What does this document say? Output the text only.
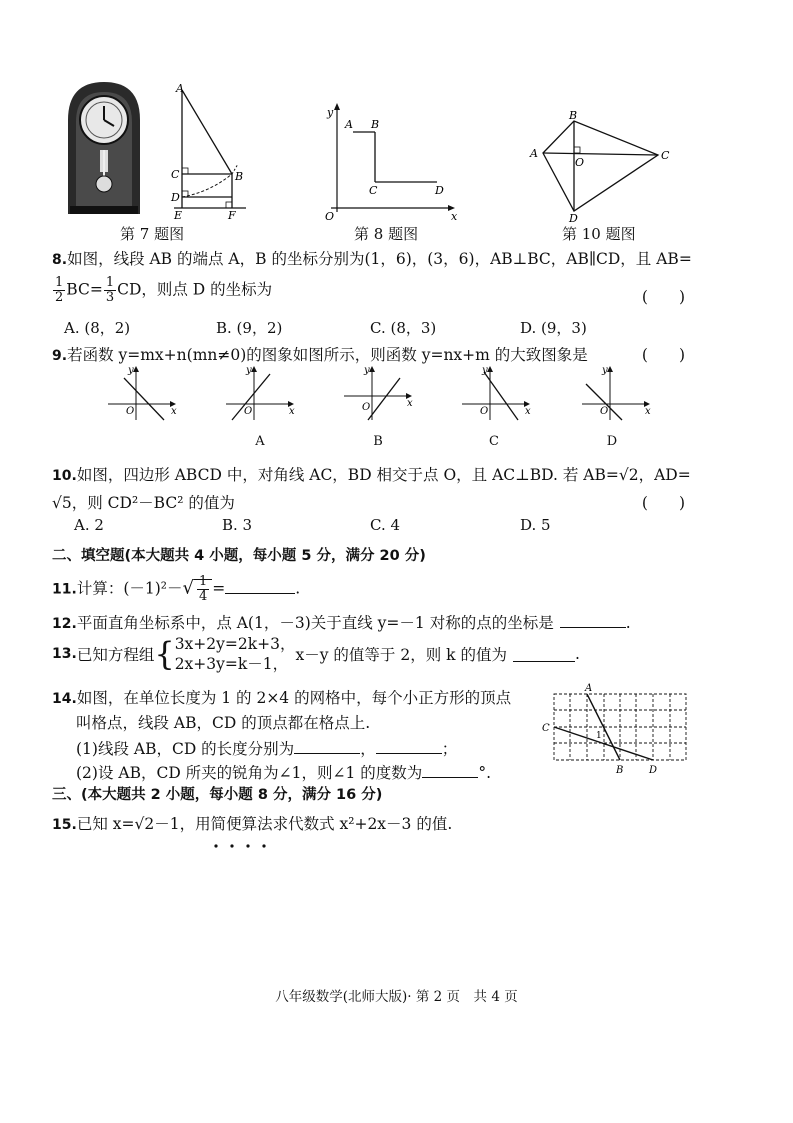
A
C	B
D
E	F
y
A B
C	D
O	x
A
B
O
C
D
第 7 题图	第 8 题图	第 10 题图
8.如图，线段 AB 的端点 A，B 的坐标分别为(1，6)，(3，6)，AB⊥BC，AB∥CD，且 AB=
$\frac{1}{2} BC= \frac{1}{3}$ CD，则点 D 的坐标为	(　　)
A. (8，2)	B. (9，2)	C. (8，3)	D. (9，3)
9.若函数 y=mx+n(mn≠0)的图象如图所示，则函数 y=nx+m 的大致图象是	(　　)
y
O	x
y
O	x
y
O	x
y
O	x
y
O	x
A	B	C	D
10.如图，四边形 ABCD 中，对角线 AC，BD 相交于点 O，且 AC⊥BD. 若 AB=√2，AD=
√5，则 CD²－BC² 的值为	(　　)
A. 2	B. 3	C. 4	D. 5
二、填空题(本大题共 4 小题，每小题 5 分，满分 20 分)
11.计算：$(-1)^2-√ \frac{1}{4}$ =	.
12.平面直角坐标系中，点 A(1，－3)关于直线 y=－1 对称的点的坐标是	.
13.已知方程组{ 3x+2y=2k+3，
2x+3y=k－1， x－y 的值等于 2，则 k 的值为	.
14.如图，在单位长度为 1 的 2×4 的网格中，每个小正方形的顶点
叫格点，线段 AB，CD 的顶点都在格点上.
(1)线段 AB，CD 的长度分别为	，	；
(2)设 AB，CD 所夹的锐角为∠1，则∠1 的度数为	°.
A
C
1
B	D
三、(本大题共 2 小题，每小题 8 分，满分 16 分)
15.已知 x=√2－1，用简便算法求代数式 x²+2x－3 的值.
八年级数学(北师大版)· 第 2 页　共 4 页
